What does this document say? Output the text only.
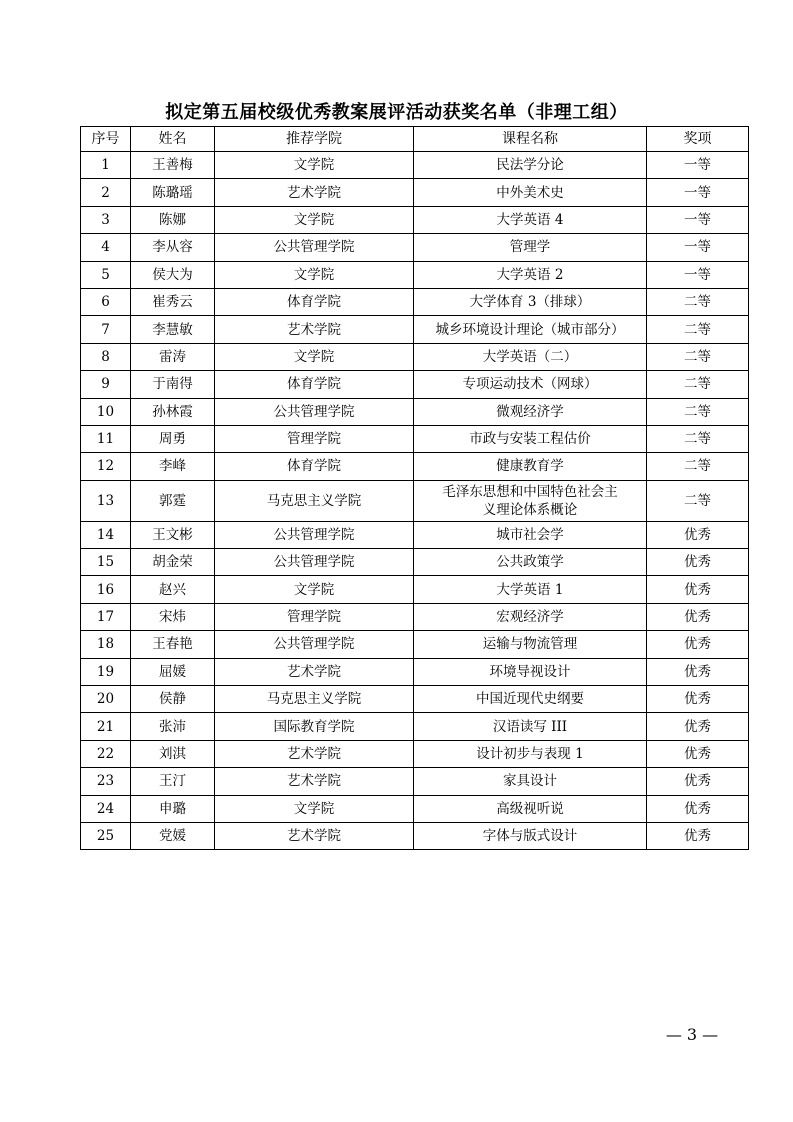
拟定第五届校级优秀教案展评活动获奖名单（非理工组）
序号	姓名	推荐学院	课程名称	奖项
1	王善梅	文学院	民法学分论	一等
2	陈璐瑶	艺术学院	中外美术史	一等
3	陈娜	文学院	大学英语 4	一等
4	李从容	公共管理学院	管理学	一等
5	侯大为	文学院	大学英语 2	一等
6	崔秀云	体育学院	大学体育 3（排球）	二等
7	李慧敏	艺术学院	城乡环境设计理论（城市部分）	二等
8	雷涛	文学院	大学英语（二）	二等
9	于南得	体育学院	专项运动技术（网球）	二等
10	孙林霞	公共管理学院	微观经济学	二等
11	周勇	管理学院	市政与安装工程估价	二等
12	李峰	体育学院	健康教育学	二等
13	郭霆	马克思主义学院	毛泽东思想和中国特色社会主
义理论体系概论	二等
14	王文彬	公共管理学院	城市社会学	优秀
15	胡金荣	公共管理学院	公共政策学	优秀
16	赵兴	文学院	大学英语 1	优秀
17	宋炜	管理学院	宏观经济学	优秀
18	王春艳	公共管理学院	运输与物流管理	优秀
19	屈媛	艺术学院	环境导视设计	优秀
20	侯静	马克思主义学院	中国近现代史纲要	优秀
21	张沛	国际教育学院	汉语读写 III	优秀
22	刘淇	艺术学院	设计初步与表现 1	优秀
23	王汀	艺术学院	家具设计	优秀
24	申璐	文学院	高级视听说	优秀
25	党媛	艺术学院	字体与版式设计	优秀
— 3 —
